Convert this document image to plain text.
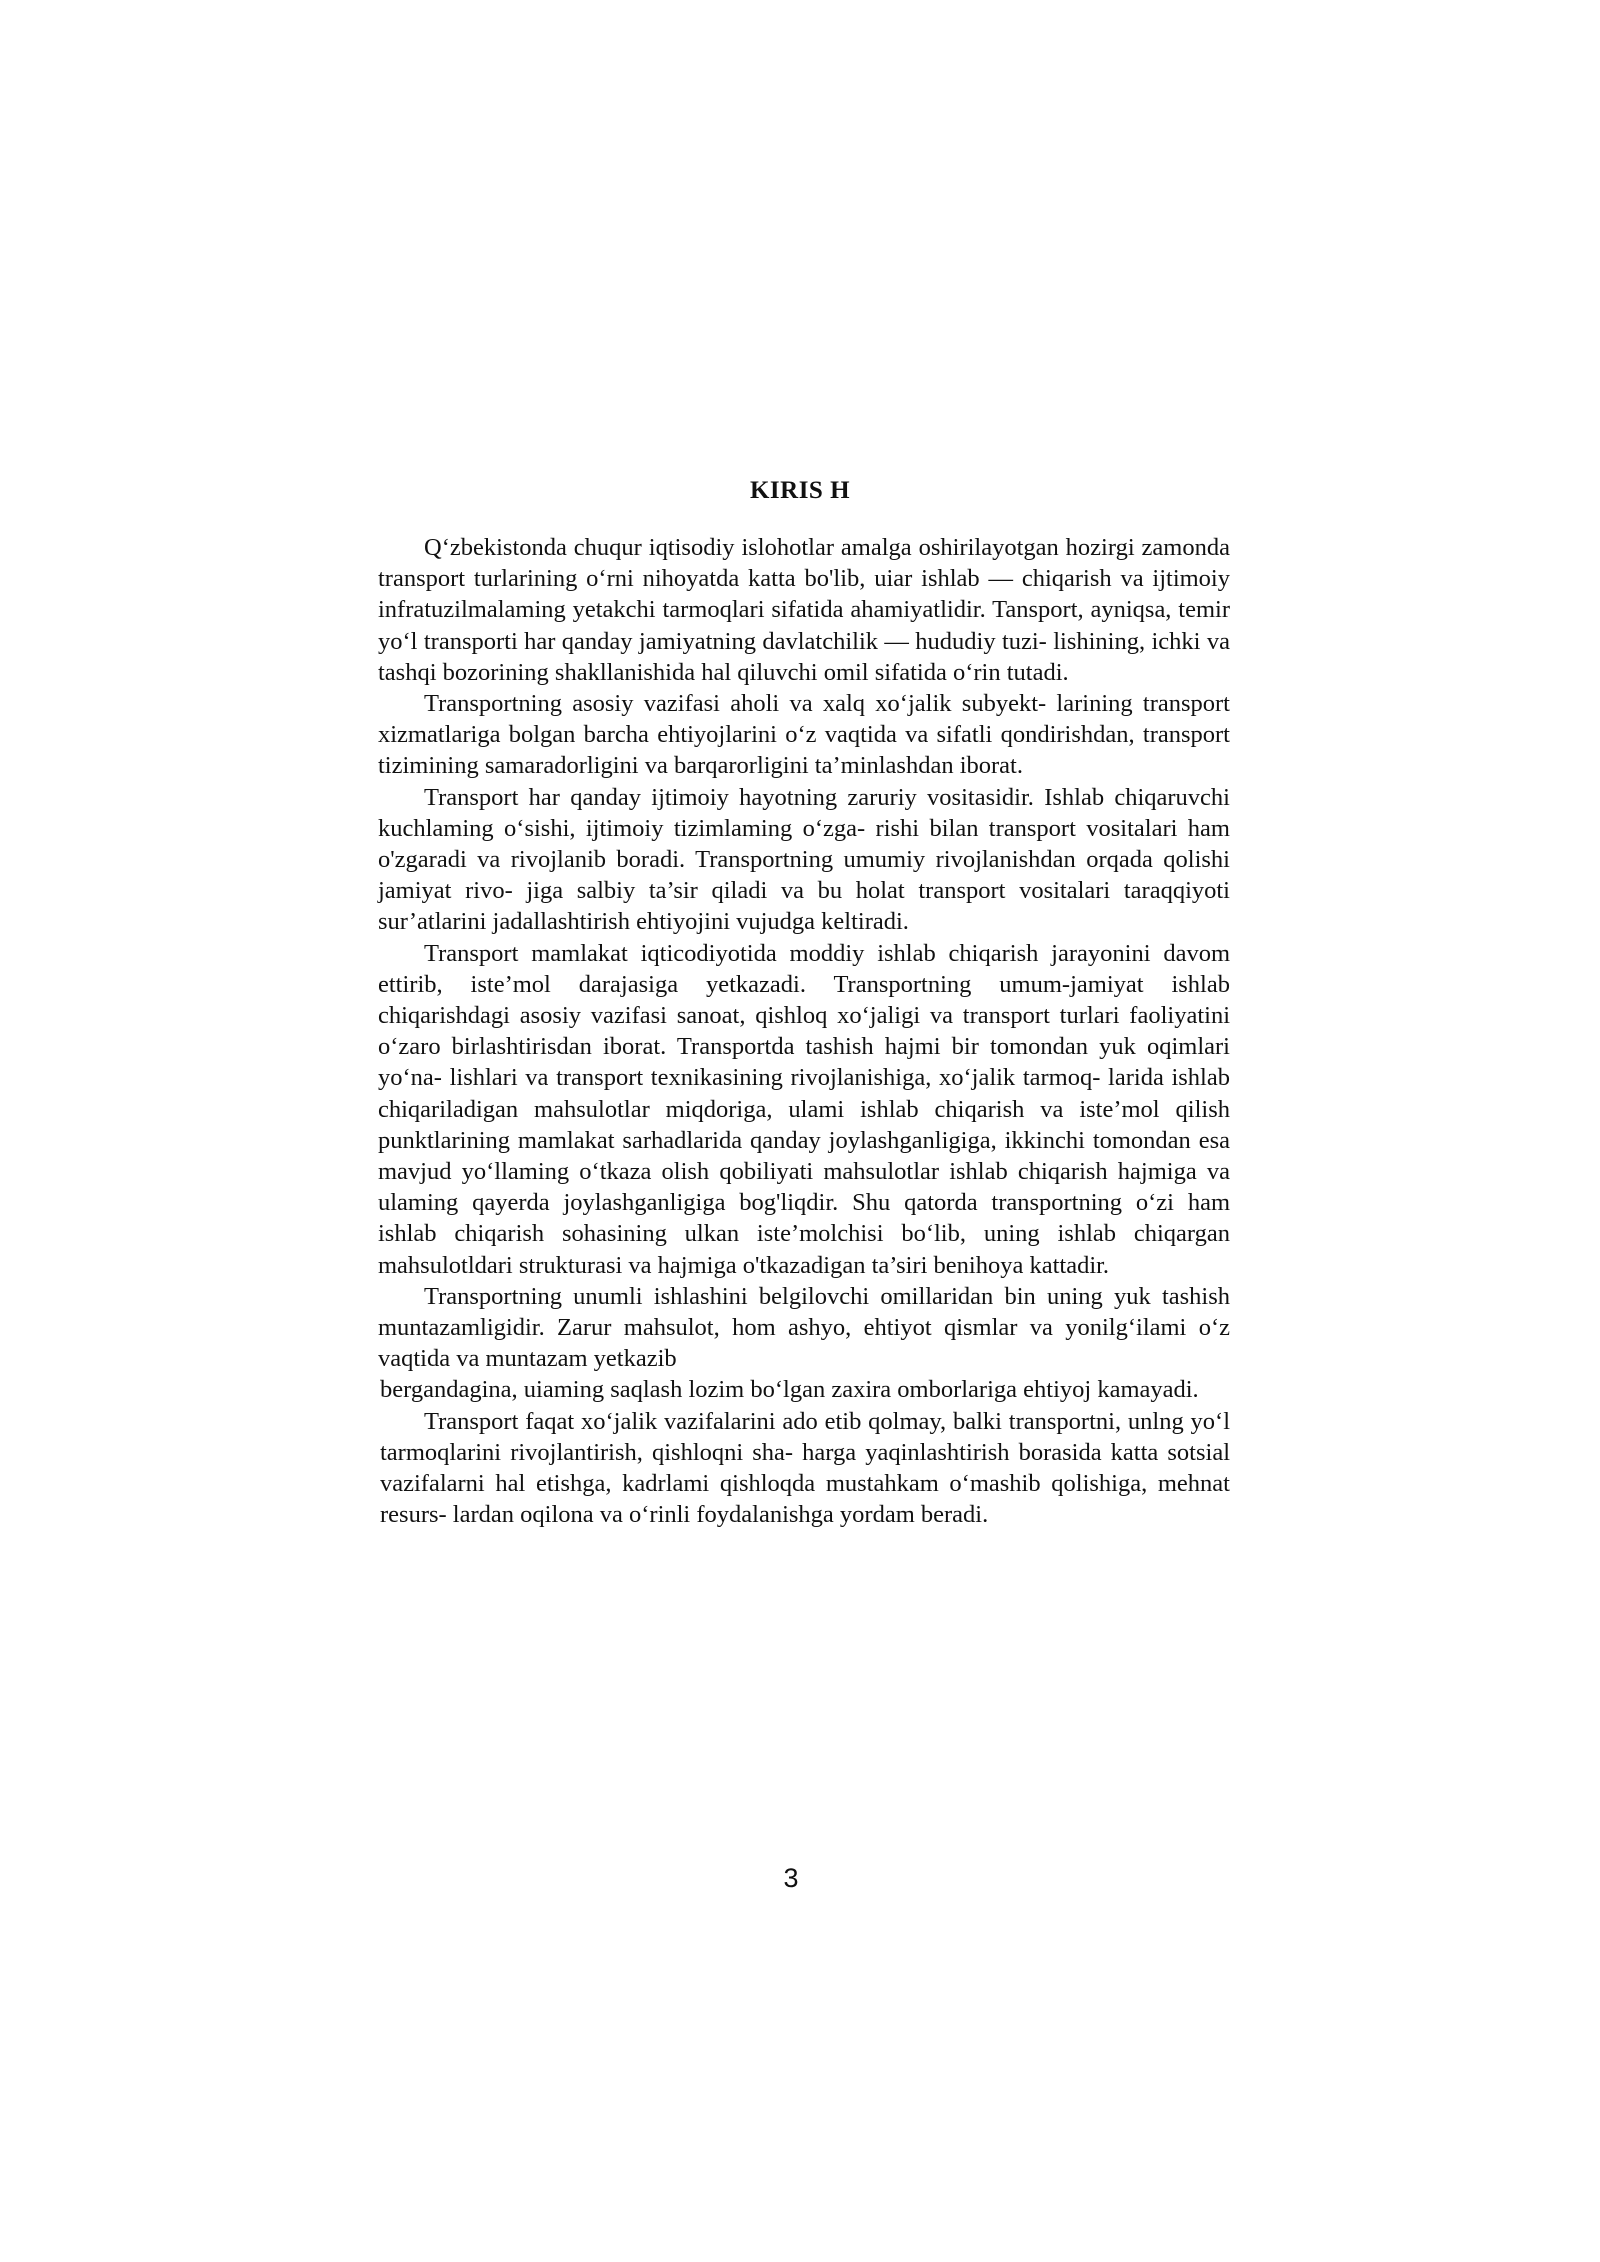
KIRIS H

Q‘zbekistonda chuqur iqtisodiy islohotlar amalga oshirilayotgan hozirgi zamonda transport turlarining o‘rni nihoyatda katta bo'lib, uiar ishlab — chiqarish va ijtimoiy infratuzilmalaming yetakchi tarmoqlari sifatida ahamiyatlidir. Tansport, ayniqsa, temir yo‘l transporti har qanday jamiyatning davlatchilik — hududiy tuzi- lishining, ichki va tashqi bozorining shakllanishida hal qiluvchi omil sifatida o‘rin tutadi.

Transportning asosiy vazifasi aholi va xalq xo‘jalik subyekt- larining transport xizmatlariga bolgan barcha ehtiyojlarini o‘z vaqtida va sifatli qondirishdan, transport tizimining samaradorligini va barqarorligini ta’minlashdan iborat.

Transport har qanday ijtimoiy hayotning zaruriy vositasidir. Ishlab chiqaruvchi kuchlaming o‘sishi, ijtimoiy tizimlaming o‘zga- rishi bilan transport vositalari ham o'zgaradi va rivojlanib boradi. Transportning umumiy rivojlanishdan orqada qolishi jamiyat rivo- jiga salbiy ta’sir qiladi va bu holat transport vositalari taraqqiyoti sur’atlarini jadallashtirish ehtiyojini vujudga keltiradi.

Transport mamlakat iqticodiyotida moddiy ishlab chiqarish jarayonini davom ettirib, iste’mol darajasiga yetkazadi. Transportning umum-jamiyat ishlab chiqarishdagi asosiy vazifasi sanoat, qishloq xo‘jaligi va transport turlari faoliyatini o‘zaro birlashtirisdan iborat. Transportda tashish hajmi bir tomondan yuk oqimlari yo‘na- lishlari va transport texnikasining rivojlanishiga, xo‘jalik tarmoq- larida ishlab chiqariladigan mahsulotlar miqdoriga, ulami ishlab chiqarish va iste’mol qilish punktlarining mamlakat sarhadlarida qanday joylashganligiga, ikkinchi tomondan esa mavjud yo‘llaming o‘tkaza olish qobiliyati mahsulotlar ishlab chiqarish hajmiga va ulaming qayerda joylashganligiga bog'liqdir. Shu qatorda transportning o‘zi ham ishlab chiqarish sohasining ulkan iste’molchisi bo‘lib, uning ishlab chiqargan mahsulotldari strukturasi va hajmiga o'tkazadigan ta’siri benihoya kattadir.

Transportning unumli ishlashini belgilovchi omillaridan bin uning yuk tashish muntazamligidir. Zarur mahsulot, hom ashyo, ehtiyot qismlar va yonilg‘ilami o‘z vaqtida va muntazam yetkazib

bergandagina, uiaming saqlash lozim bo‘lgan zaxira omborlariga ehtiyoj kamayadi.

Transport faqat xo‘jalik vazifalarini ado etib qolmay, balki transportni, unlng yo‘l tarmoqlarini rivojlantirish, qishloqni sha- harga yaqinlashtirish borasida katta sotsial vazifalarni hal etishga, kadrlami qishloqda mustahkam o‘mashib qolishiga, mehnat resurs- lardan oqilona va o‘rinli foydalanishga yordam beradi.

3
